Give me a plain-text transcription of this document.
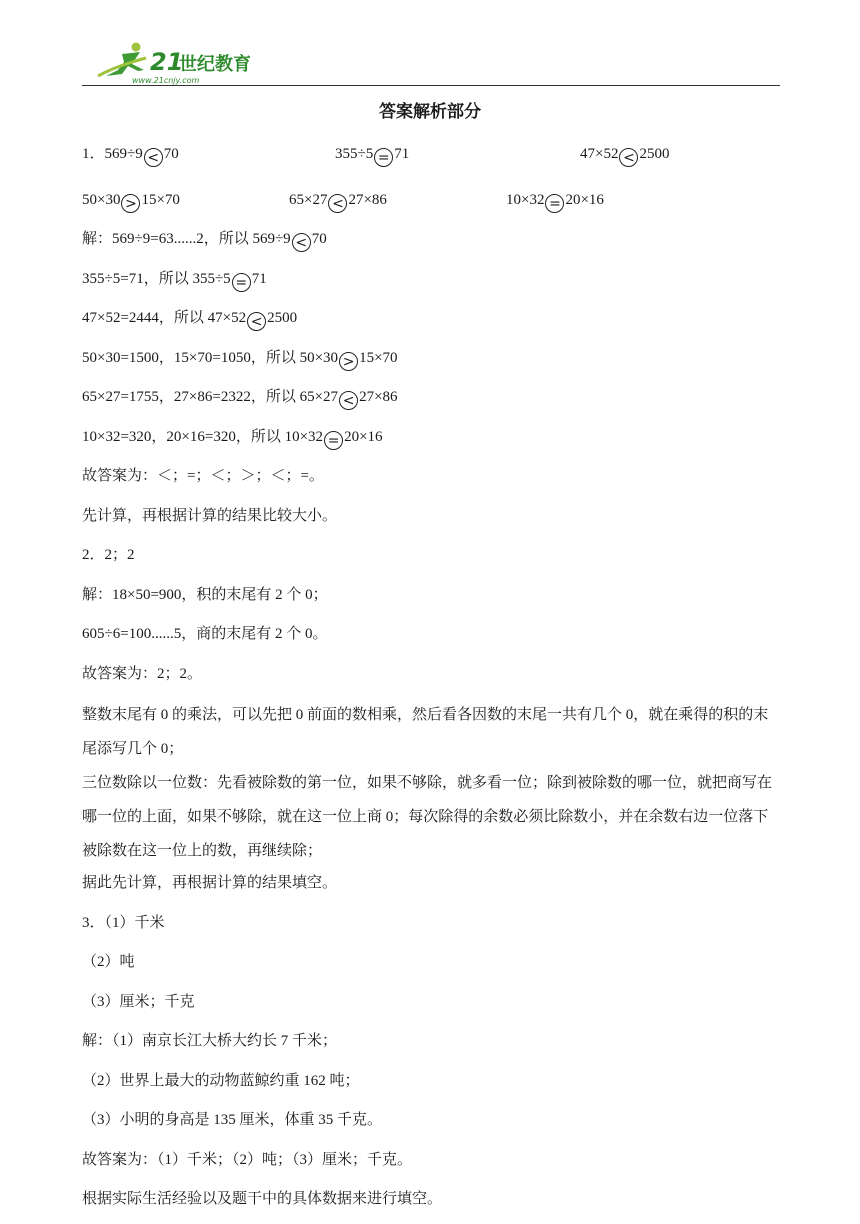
21
世纪教育
www.21cnjy.com
答案解析部分
1．569÷9 < 70	355÷5 = 71	47×52 < 2500
50×30 > 15×70	65×27 < 27×86	10×32 = 20×16
解：569÷9=63......2，所以 569÷9 < 70
355÷5=71，所以 355÷5 = 71
47×52=2444，所以 47×52 < 2500
50×30=1500，15×70=1050，所以 50×30 > 15×70
65×27=1755，27×86=2322，所以 65×27 < 27×86
10×32=320，20×16=320，所以 10×32 = 20×16
故答案为：＜；=；＜；＞；＜；=。
先计算，再根据计算的结果比较大小。
2．2；2
解：18×50=900，积的末尾有 2 个 0；
605÷6=100......5，商的末尾有 2 个 0。
故答案为：2；2。
整数末尾有 0 的乘法，可以先把 0 前面的数相乘，然后看各因数的末尾一共有几个 0，就在乘得的积的末尾添写几个 0；
三位数除以一位数：先看被除数的第一位，如果不够除，就多看一位；除到被除数的哪一位，就把商写在哪一位的上面，如果不够除，就在这一位上商 0；每次除得的余数必须比除数小，并在余数右边一位落下被除数在这一位上的数，再继续除；
据此先计算，再根据计算的结果填空。
3．（1）千米
（2）吨
（3）厘米；千克
解：（1）南京长江大桥大约长 7 千米；
（2）世界上最大的动物蓝鲸约重 162 吨；
（3）小明的身高是 135 厘米，体重 35 千克。
故答案为：（1）千米；（2）吨；（3）厘米；千克。
根据实际生活经验以及题干中的具体数据来进行填空。
